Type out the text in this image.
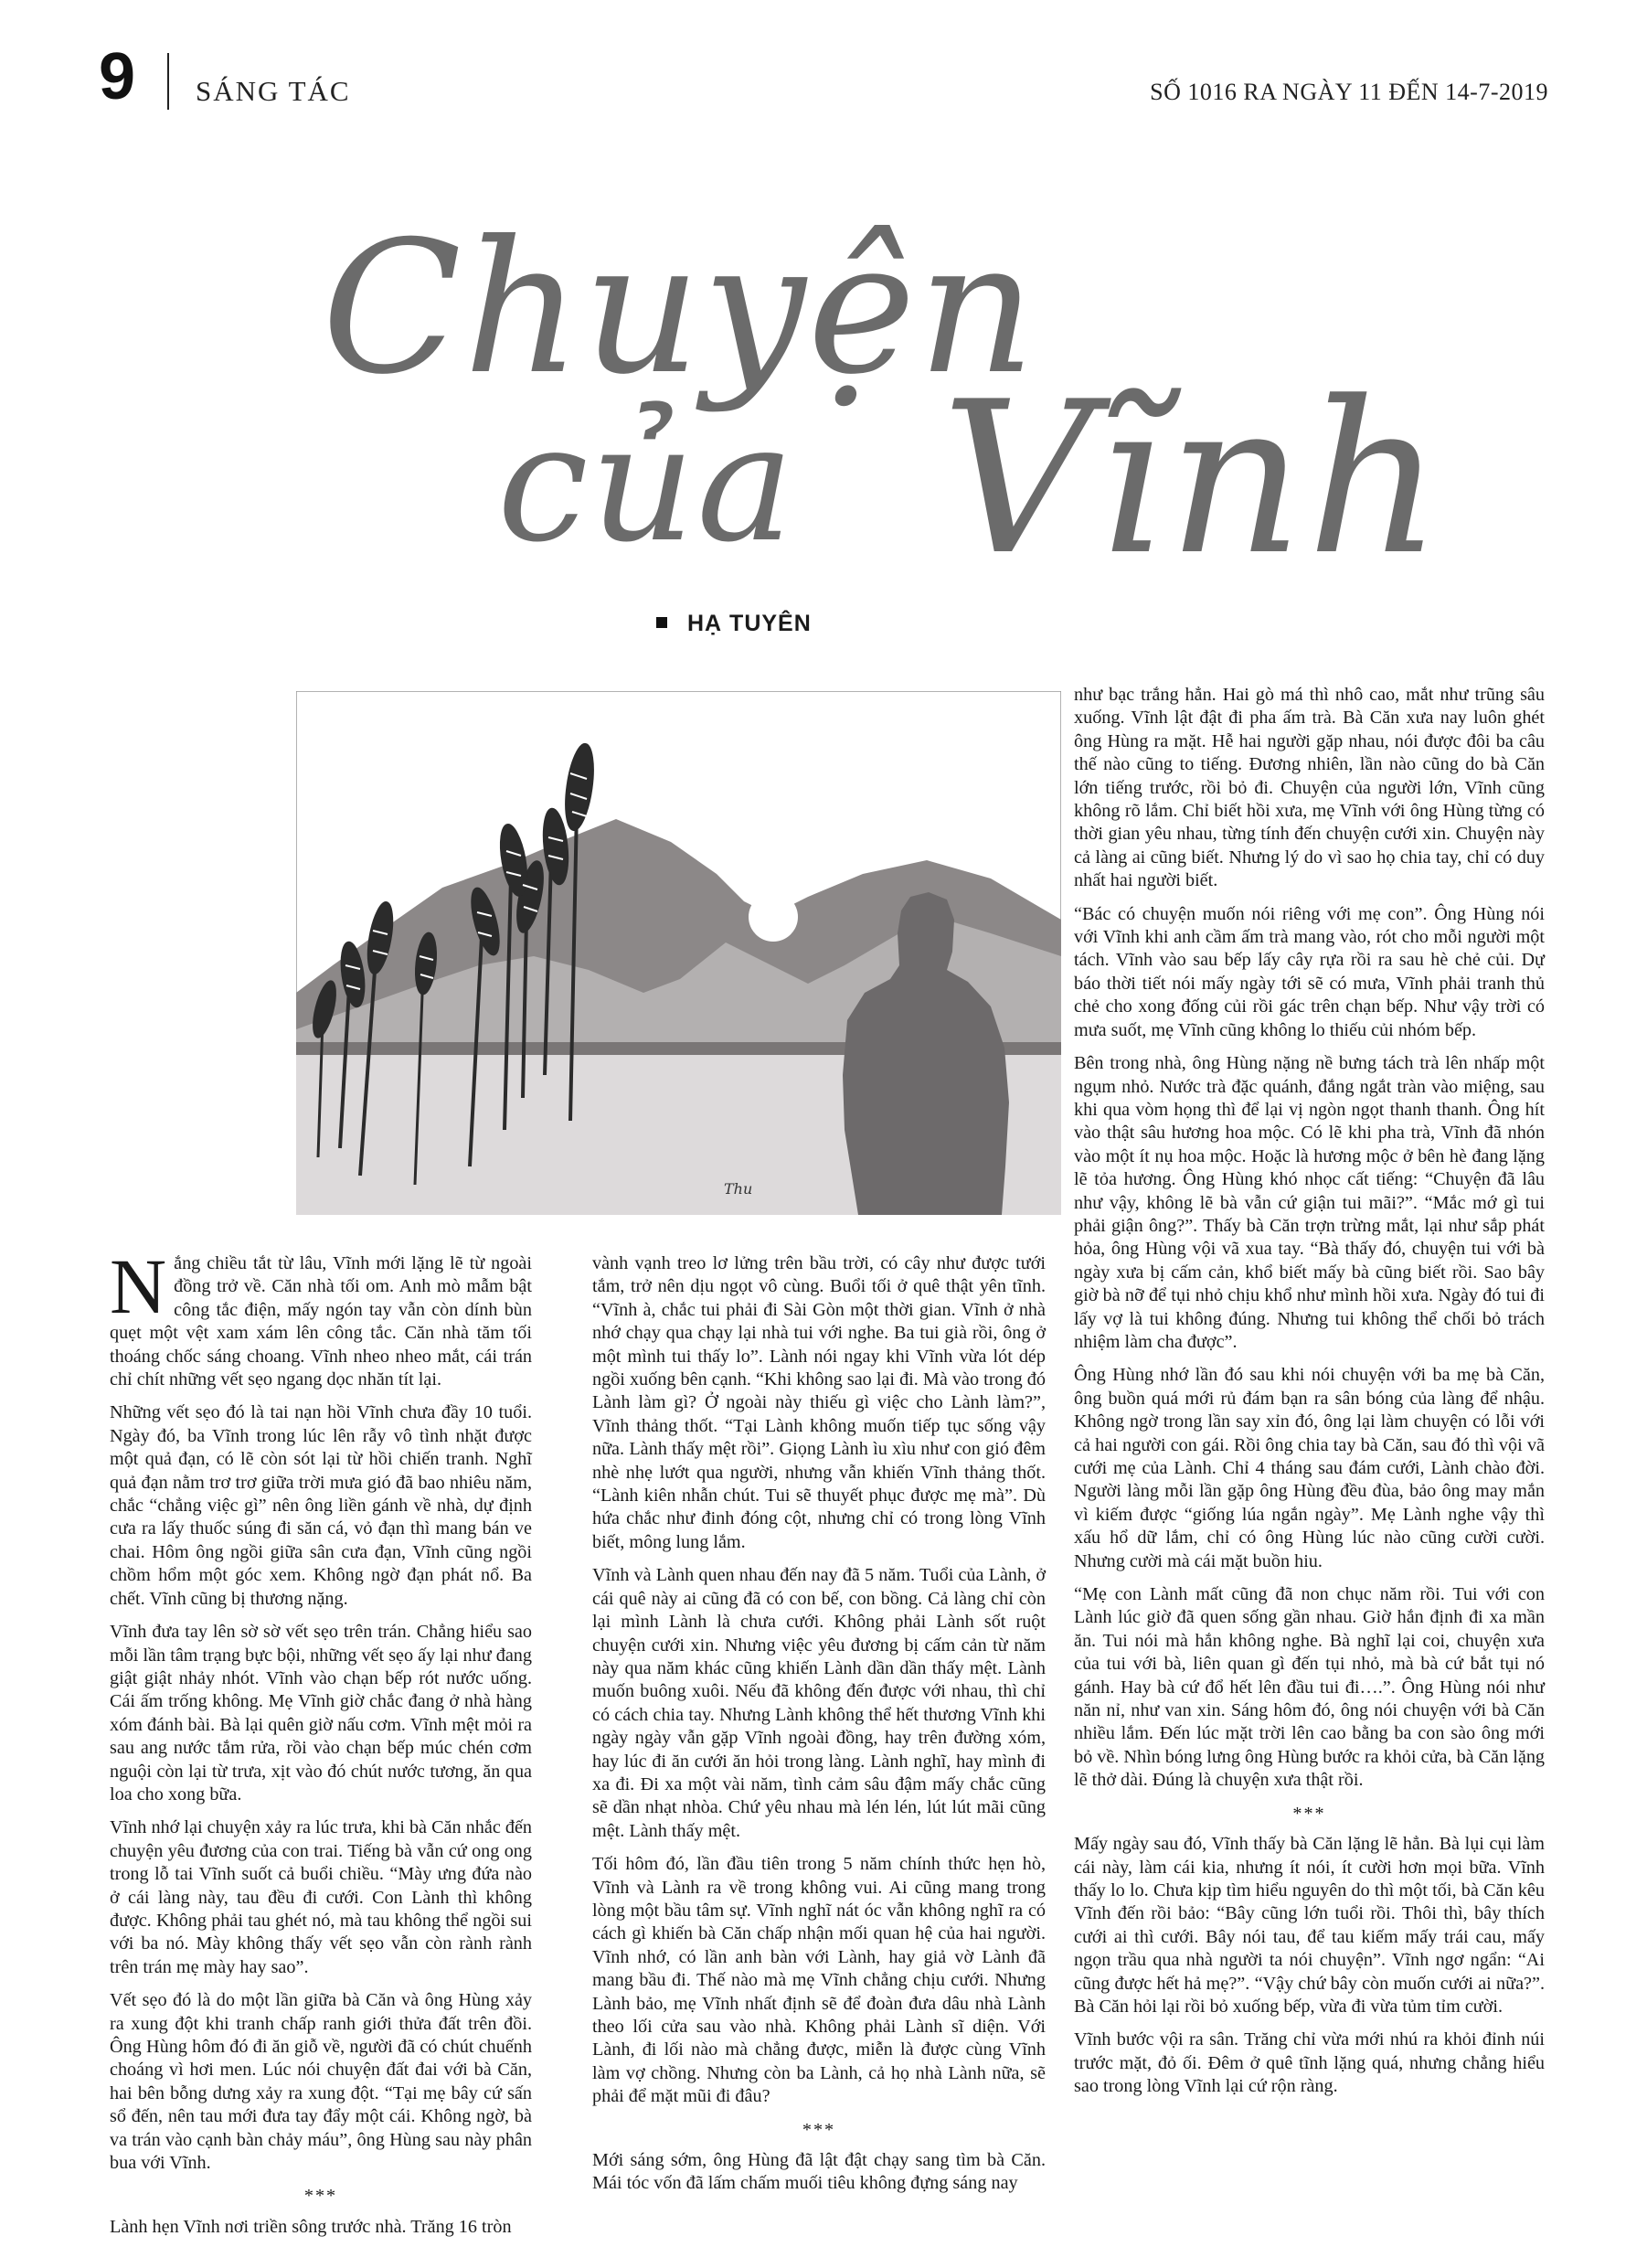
9 SÁNG TÁC	SỐ 1016 RA NGÀY 11 ĐẾN 14-7-2019
Chuyện
của Vĩnh
HẠ TUYÊN
Thu

Nắng chiều tắt từ lâu, Vĩnh mới lặng lẽ từ ngoài đồng trở về. Căn nhà tối om. Anh mò mẫm bật công tắc điện, mấy ngón tay vẫn còn dính bùn quẹt một vệt xam xám lên công tắc. Căn nhà tăm tối thoáng chốc sáng choang. Vĩnh nheo nheo mắt, cái trán chỉ chít những vết sẹo ngang dọc nhăn tít lại.

Những vết sẹo đó là tai nạn hồi Vĩnh chưa đầy 10 tuổi. Ngày đó, ba Vĩnh trong lúc lên rẫy vô tình nhặt được một quả đạn, có lẽ còn sót lại từ hồi chiến tranh. Nghĩ quả đạn nằm trơ trơ giữa trời mưa gió đã bao nhiêu năm, chắc “chẳng việc gì” nên ông liền gánh về nhà, dự định cưa ra lấy thuốc súng đi săn cá, vỏ đạn thì mang bán ve chai. Hôm ông ngồi giữa sân cưa đạn, Vĩnh cũng ngồi chồm hổm một góc xem. Không ngờ đạn phát nổ. Ba chết. Vĩnh cũng bị thương nặng.

Vĩnh đưa tay lên sờ sờ vết sẹo trên trán. Chẳng hiểu sao mỗi lần tâm trạng bực bội, những vết sẹo ấy lại như đang giật giật nhảy nhót. Vĩnh vào chạn bếp rót nước uống. Cái ấm trống không. Mẹ Vĩnh giờ chắc đang ở nhà hàng xóm đánh bài. Bà lại quên giờ nấu cơm. Vĩnh mệt mỏi ra sau ang nước tắm rửa, rồi vào chạn bếp múc chén cơm nguội còn lại từ trưa, xịt vào đó chút nước tương, ăn qua loa cho xong bữa.

Vĩnh nhớ lại chuyện xảy ra lúc trưa, khi bà Căn nhắc đến chuyện yêu đương của con trai. Tiếng bà vẫn cứ ong ong trong lỗ tai Vĩnh suốt cả buổi chiều. “Mày ưng đứa nào ở cái làng này, tau đều đi cưới. Con Lành thì không được. Không phải tau ghét nó, mà tau không thể ngồi sui với ba nó. Mày không thấy vết sẹo vẫn còn rành rành trên trán mẹ mày hay sao”.

Vết sẹo đó là do một lần giữa bà Căn và ông Hùng xảy ra xung đột khi tranh chấp ranh giới thửa đất trên đồi. Ông Hùng hôm đó đi ăn giỗ về, người đã có chút chuếnh choáng vì hơi men. Lúc nói chuyện đất đai với bà Căn, hai bên bỗng dưng xảy ra xung đột. “Tại mẹ bây cứ sấn sổ đến, nên tau mới đưa tay đẩy một cái. Không ngờ, bà va trán vào cạnh bàn chảy máu”, ông Hùng sau này phân bua với Vĩnh.

***

Lành hẹn Vĩnh nơi triền sông trước nhà. Trăng 16 tròn

vành vạnh treo lơ lửng trên bầu trời, có cây như được tưới tắm, trở nên dịu ngọt vô cùng. Buổi tối ở quê thật yên tĩnh. “Vĩnh à, chắc tui phải đi Sài Gòn một thời gian. Vĩnh ở nhà nhớ chạy qua chạy lại nhà tui với nghe. Ba tui già rồi, ông ở một mình tui thấy lo”. Lành nói ngay khi Vĩnh vừa lót dép ngồi xuống bên cạnh. “Khi không sao lại đi. Mà vào trong đó Lành làm gì? Ở ngoài này thiếu gì việc cho Lành làm?”, Vĩnh thảng thốt. “Tại Lành không muốn tiếp tục sống vậy nữa. Lành thấy mệt rồi”. Giọng Lành ìu xìu như con gió đêm nhè nhẹ lướt qua người, nhưng vẫn khiến Vĩnh thảng thốt. “Lành kiên nhẫn chút. Tui sẽ thuyết phục được mẹ mà”. Dù hứa chắc như đinh đóng cột, nhưng chỉ có trong lòng Vĩnh biết, mông lung lắm.

Vĩnh và Lành quen nhau đến nay đã 5 năm. Tuổi của Lành, ở cái quê này ai cũng đã có con bế, con bồng. Cả làng chỉ còn lại mình Lành là chưa cưới. Không phải Lành sốt ruột chuyện cưới xin. Nhưng việc yêu đương bị cấm cản từ năm này qua năm khác cũng khiến Lành dần dần thấy mệt. Lành muốn buông xuôi. Nếu đã không đến được với nhau, thì chỉ có cách chia tay. Nhưng Lành không thể hết thương Vĩnh khi ngày ngày vẫn gặp Vĩnh ngoài đồng, hay trên đường xóm, hay lúc đi ăn cưới ăn hỏi trong làng. Lành nghĩ, hay mình đi xa đi. Đi xa một vài năm, tình cảm sâu đậm mấy chắc cũng sẽ dần nhạt nhòa. Chứ yêu nhau mà lén lén, lút lút mãi cũng mệt. Lành thấy mệt.

Tối hôm đó, lần đầu tiên trong 5 năm chính thức hẹn hò, Vĩnh và Lành ra về trong không vui. Ai cũng mang trong lòng một bầu tâm sự. Vĩnh nghĩ nát óc vẫn không nghĩ ra có cách gì khiến bà Căn chấp nhận mối quan hệ của hai người. Vĩnh nhớ, có lần anh bàn với Lành, hay giả vờ Lành đã mang bầu đi. Thế nào mà mẹ Vĩnh chẳng chịu cưới. Nhưng Lành bảo, mẹ Vĩnh nhất định sẽ để đoàn đưa dâu nhà Lành theo lối cửa sau vào nhà. Không phải Lành sĩ diện. Với Lành, đi lối nào mà chẳng được, miễn là được cùng Vĩnh làm vợ chồng. Nhưng còn ba Lành, cả họ nhà Lành nữa, sẽ phải để mặt mũi đi đâu?

***

Mới sáng sớm, ông Hùng đã lật đật chạy sang tìm bà Căn. Mái tóc vốn đã lấm chấm muối tiêu không đựng sáng nay

như bạc trắng hẳn. Hai gò má thì nhô cao, mắt như trũng sâu xuống. Vĩnh lật đật đi pha ấm trà. Bà Căn xưa nay luôn ghét ông Hùng ra mặt. Hễ hai người gặp nhau, nói được đôi ba câu thế nào cũng to tiếng. Đương nhiên, lần nào cũng do bà Căn lớn tiếng trước, rồi bỏ đi. Chuyện của người lớn, Vĩnh cũng không rõ lắm. Chỉ biết hồi xưa, mẹ Vĩnh với ông Hùng từng có thời gian yêu nhau, từng tính đến chuyện cưới xin. Chuyện này cả làng ai cũng biết. Nhưng lý do vì sao họ chia tay, chỉ có duy nhất hai người biết.

“Bác có chuyện muốn nói riêng với mẹ con”. Ông Hùng nói với Vĩnh khi anh cầm ấm trà mang vào, rót cho mỗi người một tách. Vĩnh vào sau bếp lấy cây rựa rồi ra sau hè chẻ củi. Dự báo thời tiết nói mấy ngày tới sẽ có mưa, Vĩnh phải tranh thủ chẻ cho xong đống củi rồi gác trên chạn bếp. Như vậy trời có mưa suốt, mẹ Vĩnh cũng không lo thiếu củi nhóm bếp.

Bên trong nhà, ông Hùng nặng nề bưng tách trà lên nhấp một ngụm nhỏ. Nước trà đặc quánh, đắng ngắt tràn vào miệng, sau khi qua vòm họng thì để lại vị ngòn ngọt thanh thanh. Ông hít vào thật sâu hương hoa mộc. Có lẽ khi pha trà, Vĩnh đã nhón vào một ít nụ hoa mộc. Hoặc là hương mộc ở bên hè đang lặng lẽ tỏa hương. Ông Hùng khó nhọc cất tiếng: “Chuyện đã lâu như vậy, không lẽ bà vẫn cứ giận tui mãi?”. “Mắc mớ gì tui phải giận ông?”. Thấy bà Căn trợn trừng mắt, lại như sắp phát hỏa, ông Hùng vội vã xua tay. “Bà thấy đó, chuyện tui với bà ngày xưa bị cấm cản, khổ biết mấy bà cũng biết rồi. Sao bây giờ bà nỡ để tụi nhỏ chịu khổ như mình hồi xưa. Ngày đó tui đi lấy vợ là tui không đúng. Nhưng tui không thể chối bỏ trách nhiệm làm cha được”.

Ông Hùng nhớ lần đó sau khi nói chuyện với ba mẹ bà Căn, ông buồn quá mới rủ đám bạn ra sân bóng của làng để nhậu. Không ngờ trong lần say xỉn đó, ông lại làm chuyện có lỗi với cả hai người con gái. Rồi ông chia tay bà Căn, sau đó thì vội vã cưới mẹ của Lành. Chỉ 4 tháng sau đám cưới, Lành chào đời. Người làng mỗi lần gặp ông Hùng đều đùa, bảo ông may mắn vì kiếm được “giống lúa ngắn ngày”. Mẹ Lành nghe vậy thì xấu hổ dữ lắm, chỉ có ông Hùng lúc nào cũng cười cười. Nhưng cười mà cái mặt buồn hiu.

“Mẹ con Lành mất cũng đã non chục năm rồi. Tui với con Lành lúc giờ đã quen sống gần nhau. Giờ hắn định đi xa mần ăn. Tui nói mà hắn không nghe. Bà nghĩ lại coi, chuyện xưa của tui với bà, liên quan gì đến tụi nhỏ, mà bà cứ bắt tụi nó gánh. Hay bà cứ đổ hết lên đầu tui đi….”. Ông Hùng nói như năn nỉ, như van xin. Sáng hôm đó, ông nói chuyện với bà Căn nhiều lắm. Đến lúc mặt trời lên cao bằng ba con sào ông mới bỏ về. Nhìn bóng lưng ông Hùng bước ra khỏi cửa, bà Căn lặng lẽ thở dài. Đúng là chuyện xưa thật rồi.

***

Mấy ngày sau đó, Vĩnh thấy bà Căn lặng lẽ hẳn. Bà lụi cụi làm cái này, làm cái kia, nhưng ít nói, ít cười hơn mọi bữa. Vĩnh thấy lo lo. Chưa kịp tìm hiểu nguyên do thì một tối, bà Căn kêu Vĩnh đến rồi bảo: “Bây cũng lớn tuổi rồi. Thôi thì, bây thích cưới ai thì cưới. Bây nói tau, để tau kiếm mấy trái cau, mấy ngọn trầu qua nhà người ta nói chuyện”. Vĩnh ngơ ngẩn: “Ai cũng được hết hả mẹ?”. “Vậy chứ bây còn muốn cưới ai nữa?”. Bà Căn hỏi lại rồi bỏ xuống bếp, vừa đi vừa tủm tỉm cười.

Vĩnh bước vội ra sân. Trăng chỉ vừa mới nhú ra khỏi đỉnh núi trước mặt, đỏ ối. Đêm ở quê tĩnh lặng quá, nhưng chẳng hiểu sao trong lòng Vĩnh lại cứ rộn ràng.
